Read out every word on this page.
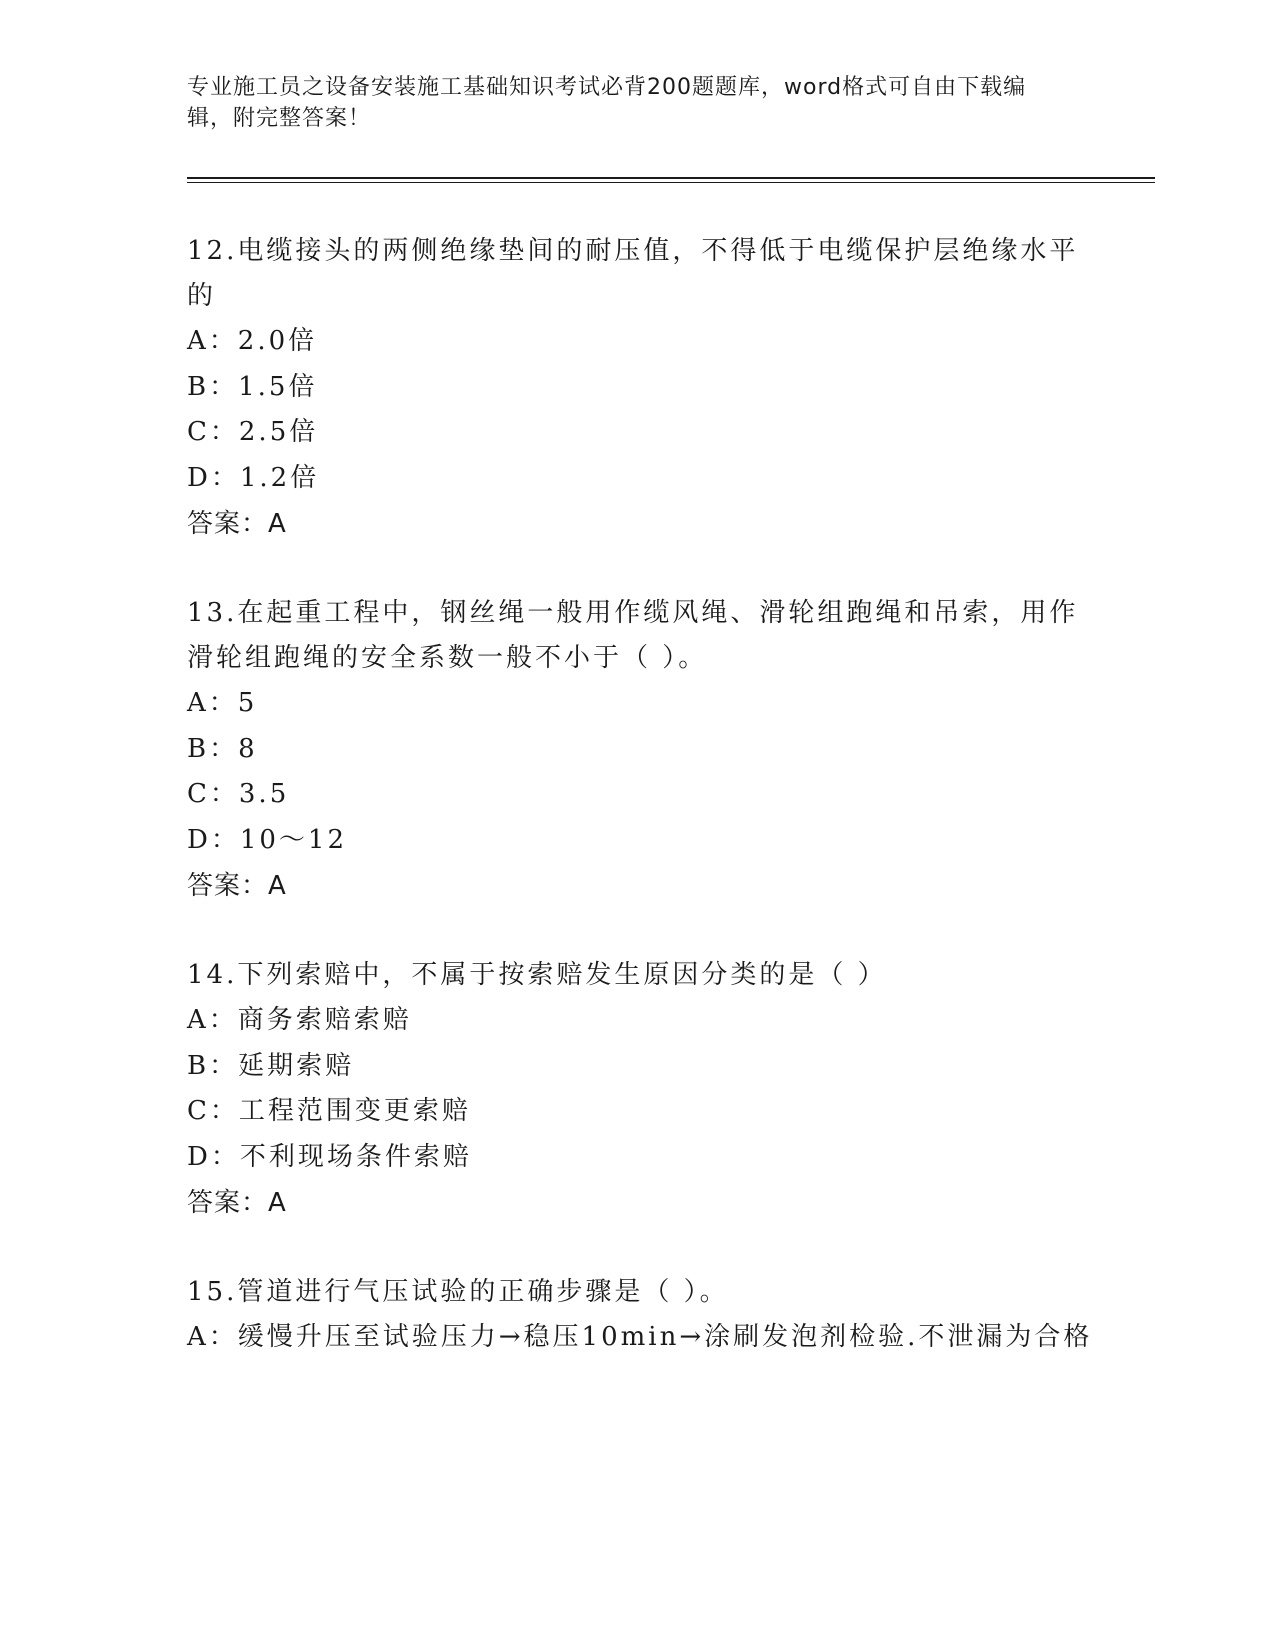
专业施工员之设备安装施工基础知识考试必背200题题库，word格式可自由下载编辑，附完整答案！

12.电缆接头的两侧绝缘垫间的耐压值，不得低于电缆保护层绝缘水平的

A：2.0倍

B：1.5倍

C：2.5倍

D：1.2倍

答案：A

13.在起重工程中，钢丝绳一般用作缆风绳、滑轮组跑绳和吊索，用作滑轮组跑绳的安全系数一般不小于（ ）。

A：5

B：8

C：3.5

D：10～12

答案：A

14.下列索赔中，不属于按索赔发生原因分类的是（ ）

A：商务索赔索赔

B：延期索赔

C：工程范围变更索赔

D：不利现场条件索赔

答案：A

15.管道进行气压试验的正确步骤是（ ）。

A：缓慢升压至试验压力→稳压10min→涂刷发泡剂检验.不泄漏为合格
